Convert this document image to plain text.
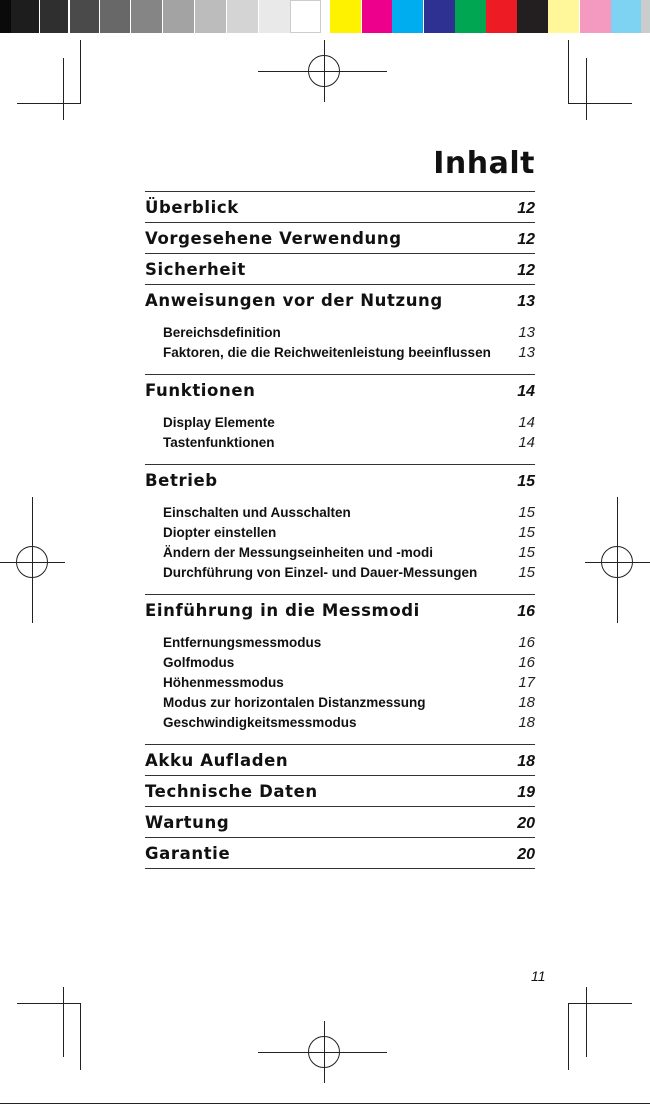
Inhalt
Überblick	12
Vorgesehene Verwendung	12
Sicherheit	12
Anweisungen vor der Nutzung	13
Bereichsdefinition	13
Faktoren, die die Reichweitenleistung beeinflussen 13
Funktionen	14
Display Elemente	14
Tastenfunktionen	14
Betrieb	15
Einschalten und Ausschalten	15
Diopter einstellen	15
Ändern der Messungseinheiten und -modi	15
Durchführung von Einzel- und Dauer-Messungen	15
Einführung in die Messmodi	16
Entfernungsmessmodus	16
Golfmodus	16
Höhenmessmodus	17
Modus zur horizontalen Distanzmessung	18
Geschwindigkeitsmessmodus	18
Akku Aufladen	18
Technische Daten	19
Wartung	20
Garantie	20
11
